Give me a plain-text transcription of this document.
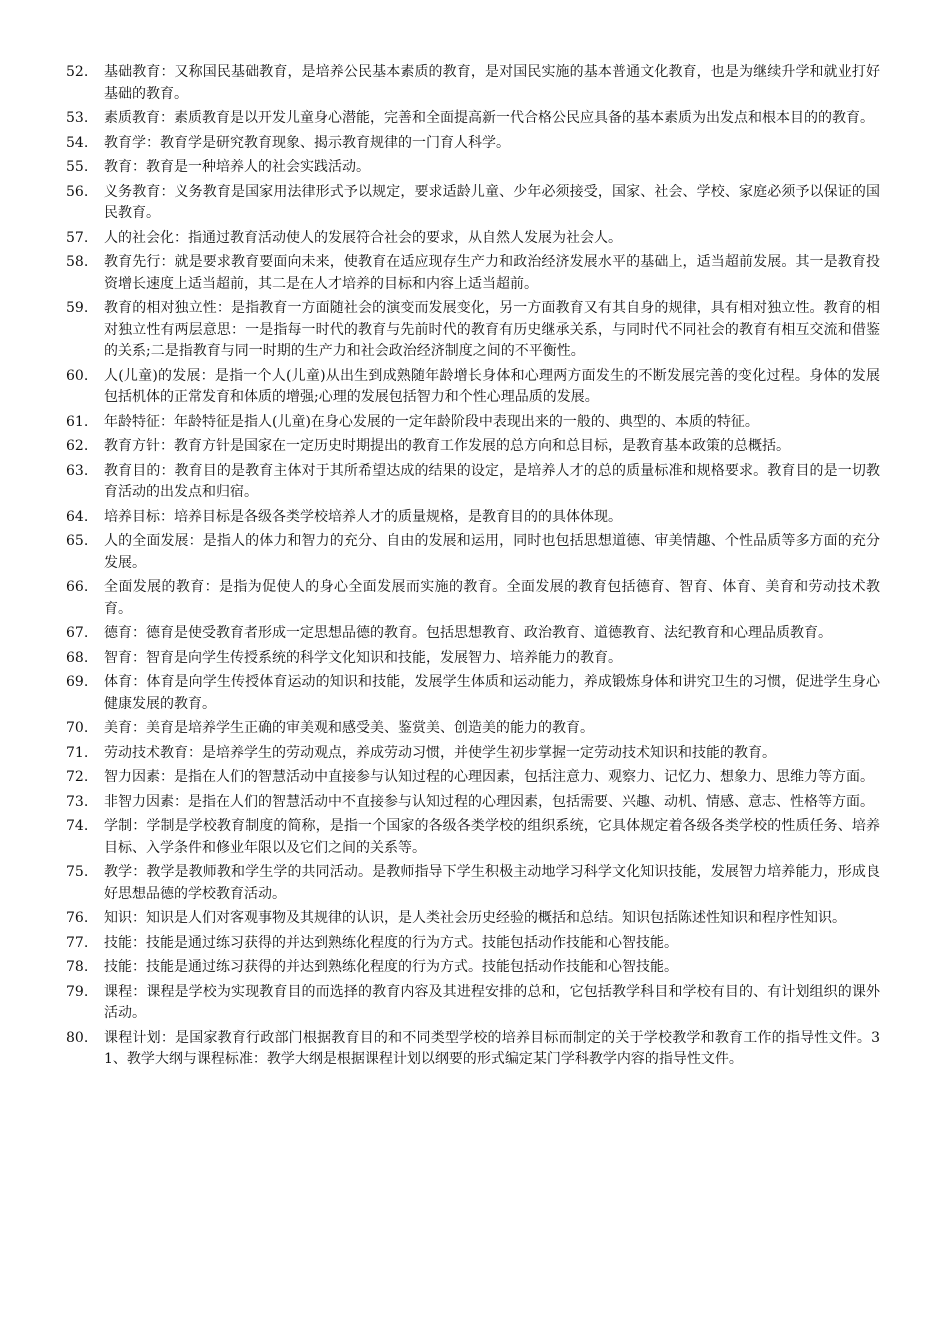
52.	基础教育：又称国民基础教育，是培养公民基本素质的教育，是对国民实施的基本普通文化教育，也是为继续升学和就业打好基础的教育。
53.	素质教育：素质教育是以开发儿童身心潜能，完善和全面提高新一代合格公民应具备的基本素质为出发点和根本目的的教育。
54.	教育学：教育学是研究教育现象、揭示教育规律的一门育人科学。
55.	教育：教育是一种培养人的社会实践活动。
56.	义务教育：义务教育是国家用法律形式予以规定，要求适龄儿童、少年必须接受，国家、社会、学校、家庭必须予以保证的国民教育。
57.	人的社会化：指通过教育活动使人的发展符合社会的要求，从自然人发展为社会人。
58.	教育先行：就是要求教育要面向未来，使教育在适应现存生产力和政治经济发展水平的基础上，适当超前发展。其一是教育投资增长速度上适当超前，其二是在人才培养的目标和内容上适当超前。
59.	教育的相对独立性：是指教育一方面随社会的演变而发展变化，另一方面教育又有其自身的规律，具有相对独立性。教育的相对独立性有两层意思：一是指每一时代的教育与先前时代的教育有历史继承关系，与同时代不同社会的教育有相互交流和借鉴的关系;二是指教育与同一时期的生产力和社会政治经济制度之间的不平衡性。
60.	人(儿童)的发展：是指一个人(儿童)从出生到成熟随年龄增长身体和心理两方面发生的不断发展完善的变化过程。身体的发展包括机体的正常发育和体质的增强;心理的发展包括智力和个性心理品质的发展。
61.	年龄特征：年龄特征是指人(儿童)在身心发展的一定年龄阶段中表现出来的一般的、典型的、本质的特征。
62.	教育方针：教育方针是国家在一定历史时期提出的教育工作发展的总方向和总目标，是教育基本政策的总概括。
63.	教育目的：教育目的是教育主体对于其所希望达成的结果的设定，是培养人才的总的质量标准和规格要求。教育目的是一切教育活动的出发点和归宿。
64.	培养目标：培养目标是各级各类学校培养人才的质量规格，是教育目的的具体体现。
65.	人的全面发展：是指人的体力和智力的充分、自由的发展和运用，同时也包括思想道德、审美情趣、个性品质等多方面的充分发展。
66.	全面发展的教育：是指为促使人的身心全面发展而实施的教育。全面发展的教育包括德育、智育、体育、美育和劳动技术教育。
67.	德育：德育是使受教育者形成一定思想品德的教育。包括思想教育、政治教育、道德教育、法纪教育和心理品质教育。
68.	智育：智育是向学生传授系统的科学文化知识和技能，发展智力、培养能力的教育。
69.	体育：体育是向学生传授体育运动的知识和技能，发展学生体质和运动能力，养成锻炼身体和讲究卫生的习惯，促进学生身心健康发展的教育。
70.	美育：美育是培养学生正确的审美观和感受美、鉴赏美、创造美的能力的教育。
71.	劳动技术教育：是培养学生的劳动观点，养成劳动习惯，并使学生初步掌握一定劳动技术知识和技能的教育。
72.	智力因素：是指在人们的智慧活动中直接参与认知过程的心理因素，包括注意力、观察力、记忆力、想象力、思维力等方面。
73.	非智力因素：是指在人们的智慧活动中不直接参与认知过程的心理因素，包括需要、兴趣、动机、情感、意志、性格等方面。
74.	学制：学制是学校教育制度的简称，是指一个国家的各级各类学校的组织系统，它具体规定着各级各类学校的性质任务、培养目标、入学条件和修业年限以及它们之间的关系等。
75.	教学：教学是教师教和学生学的共同活动。是教师指导下学生积极主动地学习科学文化知识技能，发展智力培养能力，形成良好思想品德的学校教育活动。
76.	知识：知识是人们对客观事物及其规律的认识，是人类社会历史经验的概括和总结。知识包括陈述性知识和程序性知识。
77.	技能：技能是通过练习获得的并达到熟练化程度的行为方式。技能包括动作技能和心智技能。
78.	技能：技能是通过练习获得的并达到熟练化程度的行为方式。技能包括动作技能和心智技能。
79.	课程：课程是学校为实现教育目的而选择的教育内容及其进程安排的总和，它包括教学科目和学校有目的、有计划组织的课外活动。
80.	课程计划：是国家教育行政部门根据教育目的和不同类型学校的培养目标而制定的关于学校教学和教育工作的指导性文件。31、教学大纲与课程标准：教学大纲是根据课程计划以纲要的形式编定某门学科教学内容的指导性文件。
